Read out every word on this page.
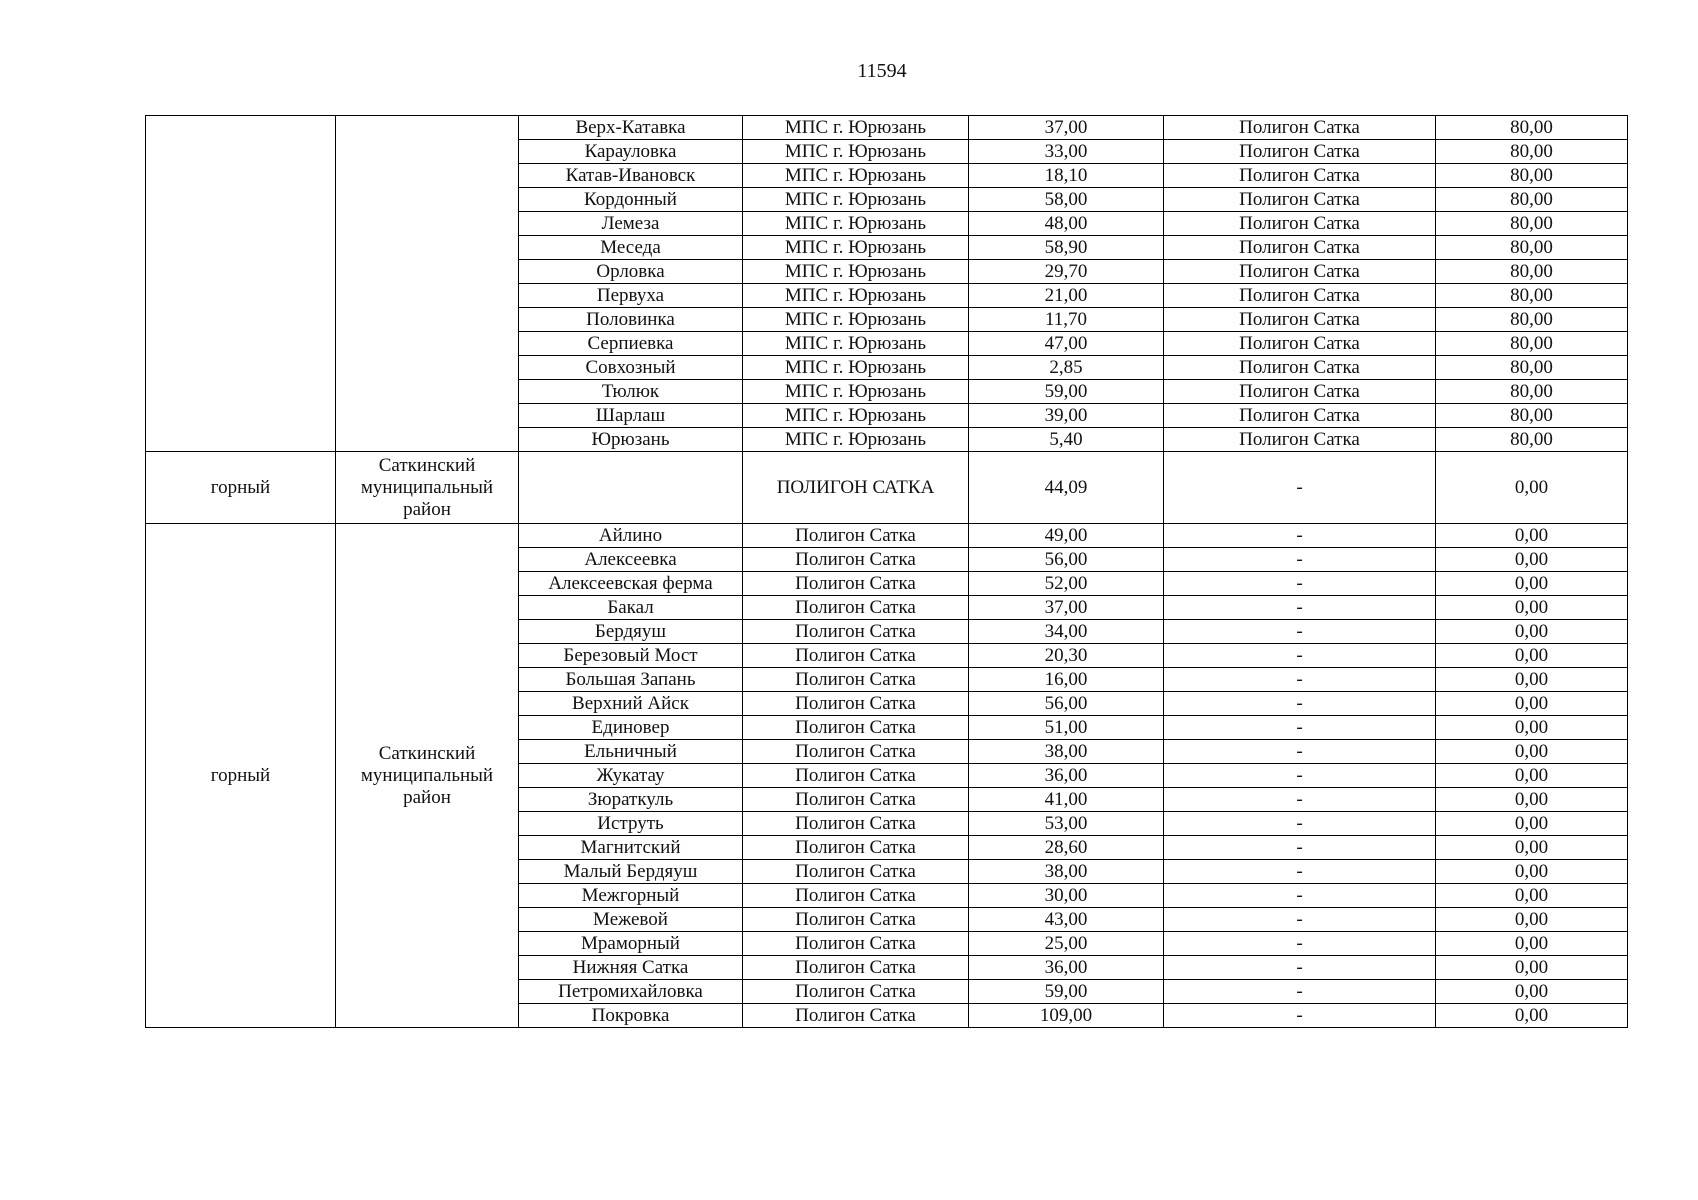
11594
		Верх-Катавка	МПС г. Юрюзань	37,00	Полигон Сатка	80,00
		Карауловка	МПС г. Юрюзань	33,00	Полигон Сатка	80,00
		Катав-Ивановск	МПС г. Юрюзань	18,10	Полигон Сатка	80,00
		Кордонный	МПС г. Юрюзань	58,00	Полигон Сатка	80,00
		Лемеза	МПС г. Юрюзань	48,00	Полигон Сатка	80,00
		Меседа	МПС г. Юрюзань	58,90	Полигон Сатка	80,00
		Орловка	МПС г. Юрюзань	29,70	Полигон Сатка	80,00
		Первуха	МПС г. Юрюзань	21,00	Полигон Сатка	80,00
		Половинка	МПС г. Юрюзань	11,70	Полигон Сатка	80,00
		Серпиевка	МПС г. Юрюзань	47,00	Полигон Сатка	80,00
		Совхозный	МПС г. Юрюзань	2,85	Полигон Сатка	80,00
		Тюлюк	МПС г. Юрюзань	59,00	Полигон Сатка	80,00
		Шарлаш	МПС г. Юрюзань	39,00	Полигон Сатка	80,00
		Юрюзань	МПС г. Юрюзань	5,40	Полигон Сатка	80,00
горный	Саткинский муниципальный район		ПОЛИГОН САТКА	44,09	-	0,00
горный	Саткинский муниципальный район	Айлино	Полигон Сатка	49,00	-	0,00
		Алексеевка	Полигон Сатка	56,00	-	0,00
		Алексеевская ферма	Полигон Сатка	52,00	-	0,00
		Бакал	Полигон Сатка	37,00	-	0,00
		Бердяуш	Полигон Сатка	34,00	-	0,00
		Березовый Мост	Полигон Сатка	20,30	-	0,00
		Большая Запань	Полигон Сатка	16,00	-	0,00
		Верхний Айск	Полигон Сатка	56,00	-	0,00
		Единовер	Полигон Сатка	51,00	-	0,00
		Ельничный	Полигон Сатка	38,00	-	0,00
		Жукатау	Полигон Сатка	36,00	-	0,00
		Зюраткуль	Полигон Сатка	41,00	-	0,00
		Иструть	Полигон Сатка	53,00	-	0,00
		Магнитский	Полигон Сатка	28,60	-	0,00
		Малый Бердяуш	Полигон Сатка	38,00	-	0,00
		Межгорный	Полигон Сатка	30,00	-	0,00
		Межевой	Полигон Сатка	43,00	-	0,00
		Мраморный	Полигон Сатка	25,00	-	0,00
		Нижняя Сатка	Полигон Сатка	36,00	-	0,00
		Петромихайловка	Полигон Сатка	59,00	-	0,00
		Покровка	Полигон Сатка	109,00	-	0,00
